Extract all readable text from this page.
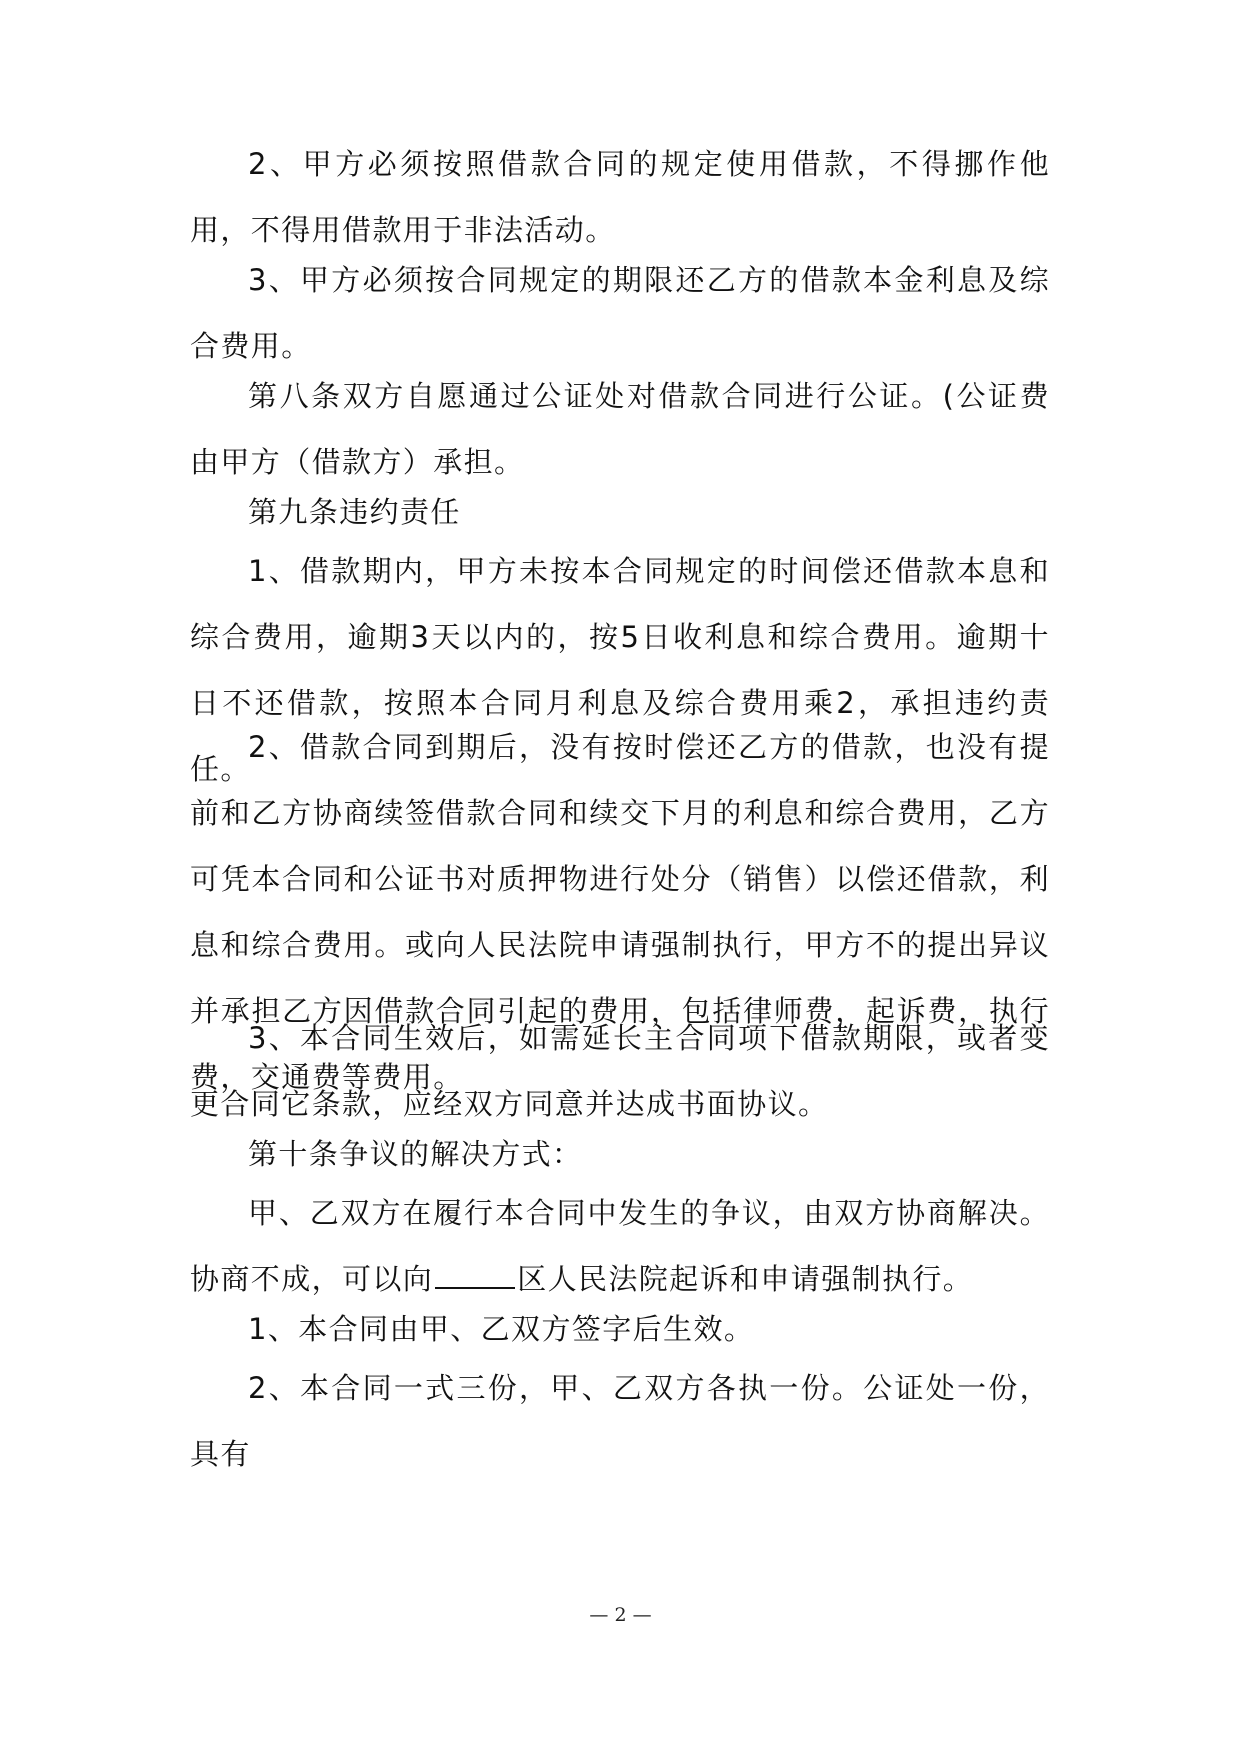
2、甲方必须按照借款合同的规定使用借款，不得挪作他用，不得用借款用于非法活动。

3、甲方必须按合同规定的期限还乙方的借款本金利息及综合费用。

第八条双方自愿通过公证处对借款合同进行公证。(公证费由甲方（借款方）承担。

第九条违约责任

1、借款期内，甲方未按本合同规定的时间偿还借款本息和综合费用，逾期3天以内的，按5日收利息和综合费用。逾期十日不还借款，按照本合同月利息及综合费用乘2，承担违约责任。

2、借款合同到期后，没有按时偿还乙方的借款，也没有提前和乙方协商续签借款合同和续交下月的利息和综合费用，乙方可凭本合同和公证书对质押物进行处分（销售）以偿还借款，利息和综合费用。或向人民法院申请强制执行，甲方不的提出异议并承担乙方因借款合同引起的费用，包括律师费，起诉费，执行费，交通费等费用。

3、本合同生效后，如需延长主合同项下借款期限，或者变更合同它条款，应经双方同意并达成书面协议。

第十条争议的解决方式：

甲、乙双方在履行本合同中发生的争议，由双方协商解决。协商不成，可以向	区人民法院起诉和申请强制执行。

1、本合同由甲、乙双方签字后生效。

2、本合同一式三份，甲、乙双方各执一份。公证处一份，具有

— 2 —
